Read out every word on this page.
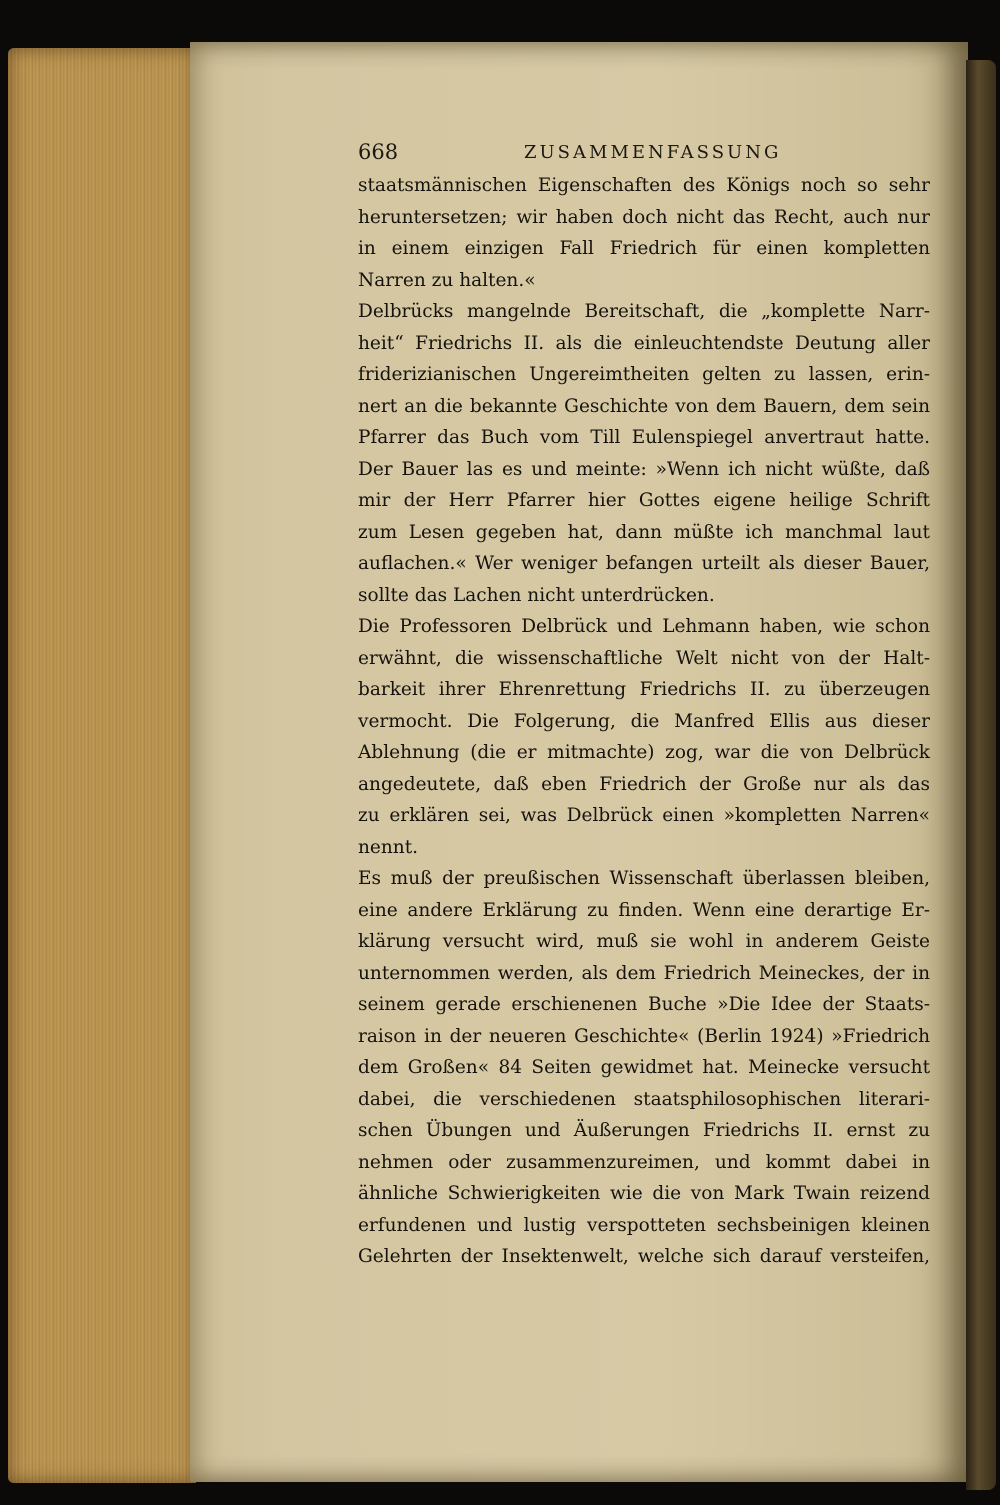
668	ZUSAMMENFASSUNG
staatsmännischen Eigenschaften des Königs noch so sehr
heruntersetzen; wir haben doch nicht das Recht, auch nur
in einem einzigen Fall Friedrich für einen kompletten
Narren zu halten.«
Delbrücks mangelnde Bereitschaft, die „komplette Narr-
heit“ Friedrichs II. als die einleuchtendste Deutung aller
friderizianischen Ungereimtheiten gelten zu lassen, erin-
nert an die bekannte Geschichte von dem Bauern, dem sein
Pfarrer das Buch vom Till Eulenspiegel anvertraut hatte.
Der Bauer las es und meinte: »Wenn ich nicht wüßte, daß
mir der Herr Pfarrer hier Gottes eigene heilige Schrift
zum Lesen gegeben hat, dann müßte ich manchmal laut
auflachen.« Wer weniger befangen urteilt als dieser Bauer,
sollte das Lachen nicht unterdrücken.
Die Professoren Delbrück und Lehmann haben, wie schon
erwähnt, die wissenschaftliche Welt nicht von der Halt-
barkeit ihrer Ehrenrettung Friedrichs II. zu überzeugen
vermocht. Die Folgerung, die Manfred Ellis aus dieser
Ablehnung (die er mitmachte) zog, war die von Delbrück
angedeutete, daß eben Friedrich der Große nur als das
zu erklären sei, was Delbrück einen »kompletten Narren«
nennt.
Es muß der preußischen Wissenschaft überlassen bleiben,
eine andere Erklärung zu finden. Wenn eine derartige Er-
klärung versucht wird, muß sie wohl in anderem Geiste
unternommen werden, als dem Friedrich Meineckes, der in
seinem gerade erschienenen Buche »Die Idee der Staats-
raison in der neueren Geschichte« (Berlin 1924) »Friedrich
dem Großen« 84 Seiten gewidmet hat. Meinecke versucht
dabei, die verschiedenen staatsphilosophischen literari-
schen Übungen und Äußerungen Friedrichs II. ernst zu
nehmen oder zusammenzureimen, und kommt dabei in
ähnliche Schwierigkeiten wie die von Mark Twain reizend
erfundenen und lustig verspotteten sechsbeinigen kleinen
Gelehrten der Insektenwelt, welche sich darauf versteifen,
